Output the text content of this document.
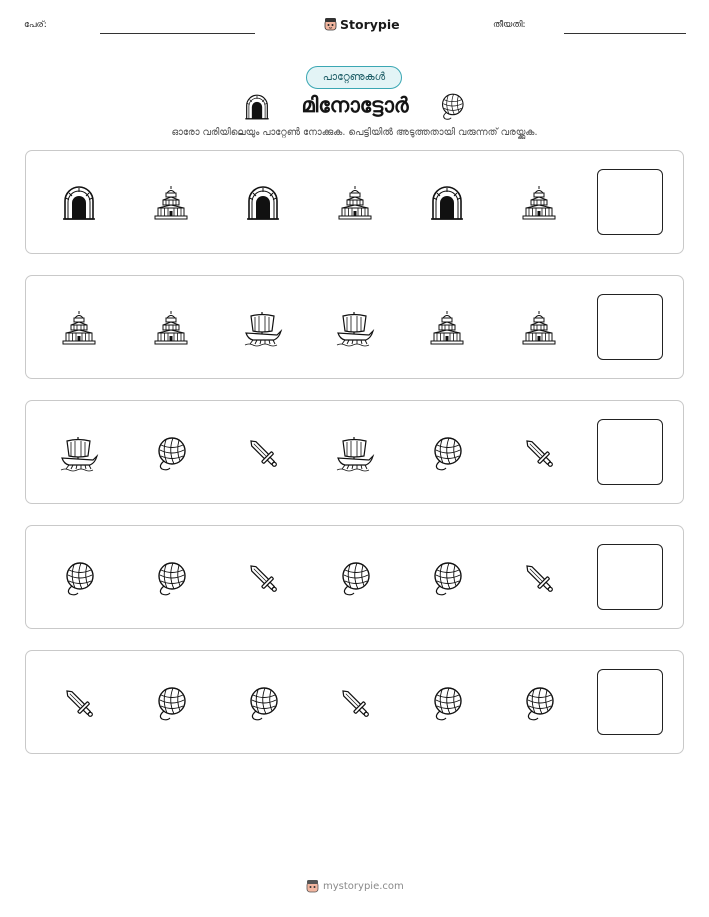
പേര്:	Storypie	തീയതി:
പാറ്റേണുകൾ
മിനോട്ടോർ
ഓരോ വരിയിലെയും പാറ്റേൺ നോക്കുക. പെട്ടിയിൽ അടുത്തതായി വരുന്നത് വരയ്ക്കുക.
mystorypie.com
